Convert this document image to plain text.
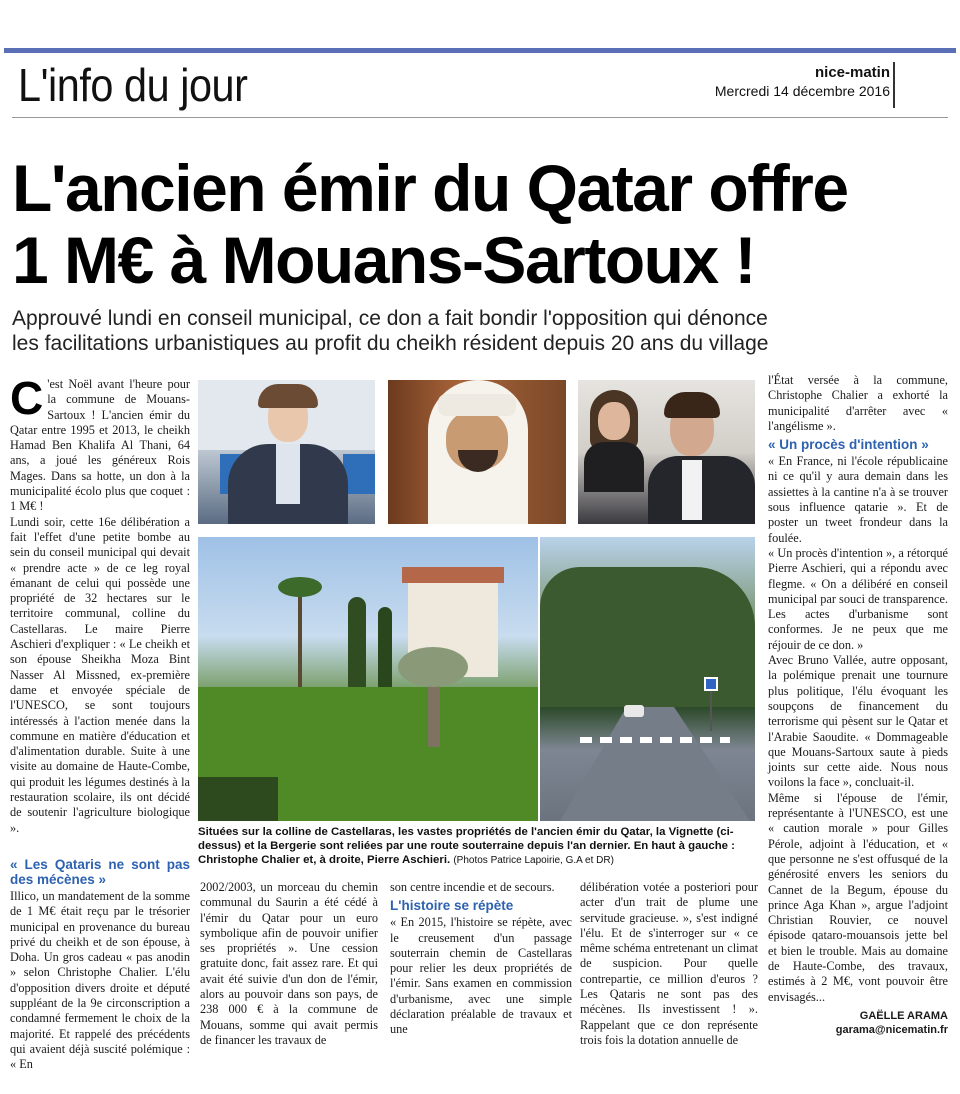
L'info du jour	nice-matin
Mercredi 14 décembre 2016
L'ancien émir du Qatar offre
1 M€ à Mouans-Sartoux !
Approuvé lundi en conseil municipal, ce don a fait bondir l'opposition qui dénonce
les facilitations urbanistiques au profit du cheikh résident depuis 20 ans du village

C 'est Noël avant l'heure pour la commune de Mouans-Sartoux ! L'ancien émir du Qatar entre 1995 et 2013, le cheikh Hamad Ben Khalifa Al Thani, 64 ans, a joué les généreux Rois Mages. Dans sa hotte, un don à la municipalité écolo plus que coquet : 1 M€ !

Lundi soir, cette 16e délibération a fait l'effet d'une petite bombe au sein du conseil municipal qui devait « prendre acte » de ce leg royal émanant de celui qui possède une propriété de 32 hectares sur le territoire communal, colline du Castellaras. Le maire Pierre Aschieri d'expliquer : « Le cheikh et son épouse Sheikha Moza Bint Nasser Al Missned, ex-première dame et envoyée spéciale de l'UNESCO, se sont toujours intéressés à l'action menée dans la commune en matière d'éducation et d'alimentation durable. Suite à une visite au domaine de Haute-Combe, qui produit les légumes destinés à la restauration scolaire, ils ont décidé de soutenir l'agriculture biologique ».

« Les Qataris ne sont pas des mécènes »

Illico, un mandatement de la somme de 1 M€ était reçu par le trésorier municipal en provenance du bureau privé du cheikh et de son épouse, à Doha. Un gros cadeau « pas anodin » selon Christophe Chalier. L'élu d'opposition divers droite et député suppléant de la 9e circonscription a condamné fermement le choix de la majorité. Et rappelé des précédents qui avaient déjà suscité polémique : « En

Situées sur la colline de Castellaras, les vastes propriétés de l'ancien émir du Qatar, la Vignette (ci-dessus) et la Bergerie sont reliées par une route souterraine depuis l'an dernier. En haut à gauche : Christophe Chalier et, à droite, Pierre Aschieri. (Photos Patrice Lapoirie, G.A et DR)

2002/2003, un morceau du chemin communal du Saurin a été cédé à l'émir du Qatar pour un euro symbolique afin de pouvoir unifier ses propriétés ». Une cession gratuite donc, fait assez rare. Et qui avait été suivie d'un don de l'émir, alors au pouvoir dans son pays, de 238 000 € à la commune de Mouans, somme qui avait permis de financer les travaux de

son centre incendie et de secours.

L'histoire se répète

« En 2015, l'histoire se répète, avec le creusement d'un passage souterrain chemin de Castellaras pour relier les deux propriétés de l'émir. Sans examen en commission d'urbanisme, avec une simple déclaration préalable de travaux et une

délibération votée a posteriori pour acter d'un trait de plume une servitude gracieuse. », s'est indigné l'élu. Et de s'interroger sur « ce même schéma entretenant un climat de suspicion. Pour quelle contrepartie, ce million d'euros ? Les Qataris ne sont pas des mécènes. Ils investissent ! ». Rappelant que ce don représente trois fois la dotation annuelle de

l'État versée à la commune, Christophe Chalier a exhorté la municipalité d'arrêter avec « l'angélisme ».

« Un procès d'intention »

« En France, ni l'école républicaine ni ce qu'il y aura demain dans les assiettes à la cantine n'a à se trouver sous influence qatarie ». Et de poster un tweet frondeur dans la foulée.

« Un procès d'intention », a rétorqué Pierre Aschieri, qui a répondu avec flegme. « On a délibéré en conseil municipal par souci de transparence. Les actes d'urbanisme sont conformes. Je ne peux que me réjouir de ce don. »

Avec Bruno Vallée, autre opposant, la polémique prenait une tournure plus politique, l'élu évoquant les soupçons de financement du terrorisme qui pèsent sur le Qatar et l'Arabie Saoudite. « Dommageable que Mouans-Sartoux saute à pieds joints sur cette aide. Nous nous voilons la face », concluait-il.

Même si l'épouse de l'émir, représentante à l'UNESCO, est une « caution morale » pour Gilles Pérole, adjoint à l'éducation, et « que personne ne s'est offusqué de la générosité envers les seniors du Cannet de la Begum, épouse du prince Aga Khan », argue l'adjoint Christian Rouvier, ce nouvel épisode qataro-mouansois jette bel et bien le trouble. Mais au domaine de Haute-Combe, des travaux, estimés à 2 M€, vont pouvoir être envisagés...

GAËLLE ARAMA
garama@nicematin.fr
